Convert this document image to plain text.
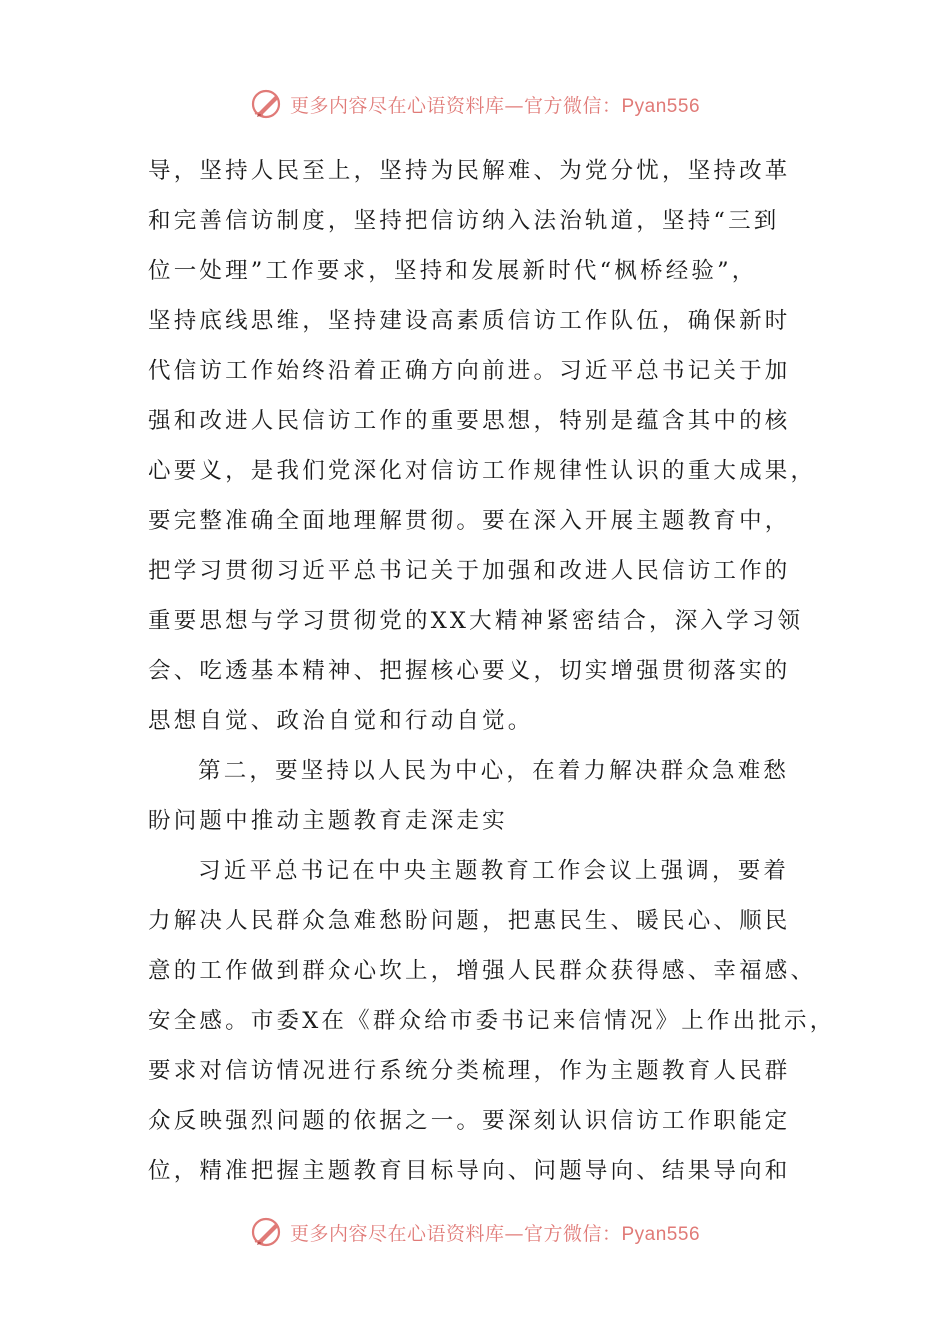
更多内容尽在心语资料库—官方微信：Pyan556
导，坚持人民至上，坚持为民解难、为党分忧，坚持改革
和完善信访制度，坚持把信访纳入法治轨道，坚持“三到
位一处理”工作要求，坚持和发展新时代“枫桥经验”，
坚持底线思维，坚持建设高素质信访工作队伍，确保新时
代信访工作始终沿着正确方向前进。习近平总书记关于加
强和改进人民信访工作的重要思想，特别是蕴含其中的核
心要义，是我们党深化对信访工作规律性认识的重大成果，
要完整准确全面地理解贯彻。要在深入开展主题教育中，
把学习贯彻习近平总书记关于加强和改进人民信访工作的
重要思想与学习贯彻党的XX大精神紧密结合，深入学习领
会、吃透基本精神、把握核心要义，切实增强贯彻落实的
思想自觉、政治自觉和行动自觉。
第二，要坚持以人民为中心，在着力解决群众急难愁
盼问题中推动主题教育走深走实
习近平总书记在中央主题教育工作会议上强调，要着
力解决人民群众急难愁盼问题，把惠民生、暖民心、顺民
意的工作做到群众心坎上，增强人民群众获得感、幸福感、
安全感。市委X在《群众给市委书记来信情况》上作出批示，
要求对信访情况进行系统分类梳理，作为主题教育人民群
众反映强烈问题的依据之一。要深刻认识信访工作职能定
位，精准把握主题教育目标导向、问题导向、结果导向和
更多内容尽在心语资料库—官方微信：Pyan556
